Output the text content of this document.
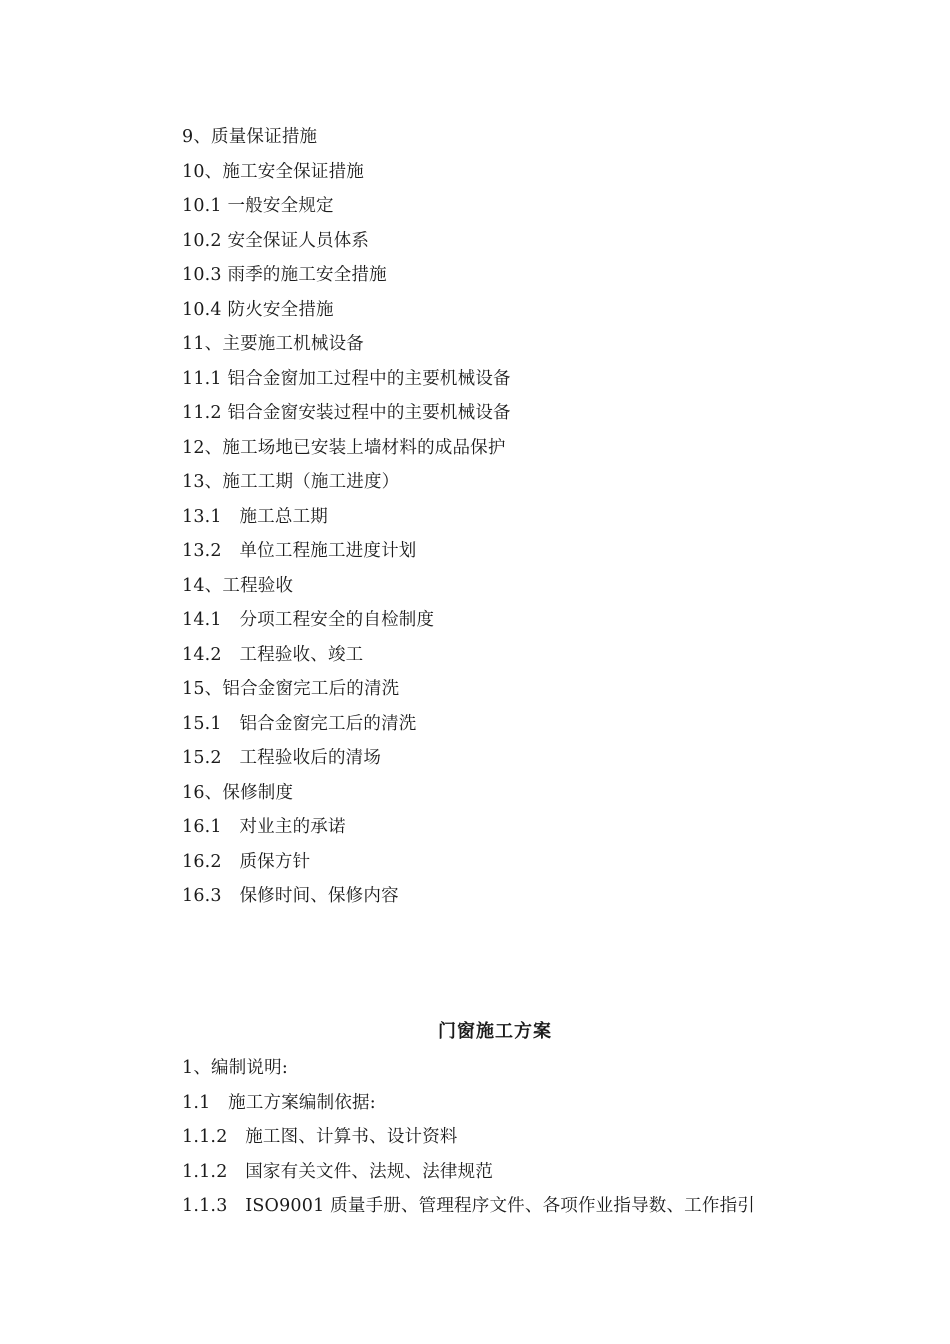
9、质量保证措施
10、施工安全保证措施
10.1 一般安全规定
10.2 安全保证人员体系
10.3 雨季的施工安全措施
10.4 防火安全措施
11、主要施工机械设备
11.1 铝合金窗加工过程中的主要机械设备
11.2 铝合金窗安装过程中的主要机械设备
12、施工场地已安装上墙材料的成品保护
13、施工工期（施工进度）
13.1　施工总工期
13.2　单位工程施工进度计划
14、工程验收
14.1　分项工程安全的自检制度
14.2　工程验收、竣工
15、铝合金窗完工后的清洗
15.1　铝合金窗完工后的清洗
15.2　工程验收后的清场
16、保修制度
16.1　对业主的承诺
16.2　质保方针
16.3　保修时间、保修内容
门窗施工方案
1、编制说明:
1.1　施工方案编制依据:
1.1.2　施工图、计算书、设计资料
1.1.2　国家有关文件、法规、法律规范
1.1.3　ISO9001 质量手册、管理程序文件、各项作业指导数、工作指引
